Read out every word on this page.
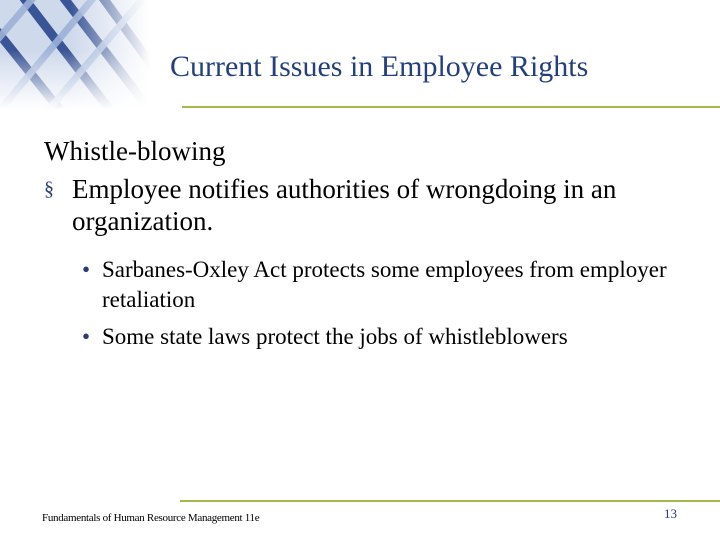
Current Issues in Employee Rights
Whistle-blowing
§ Employee notifies authorities of wrongdoing in an organization.
• Sarbanes-Oxley Act protects some employees from employer retaliation
• Some state laws protect the jobs of whistleblowers
Fundamentals of Human Resource Management 11e	13
